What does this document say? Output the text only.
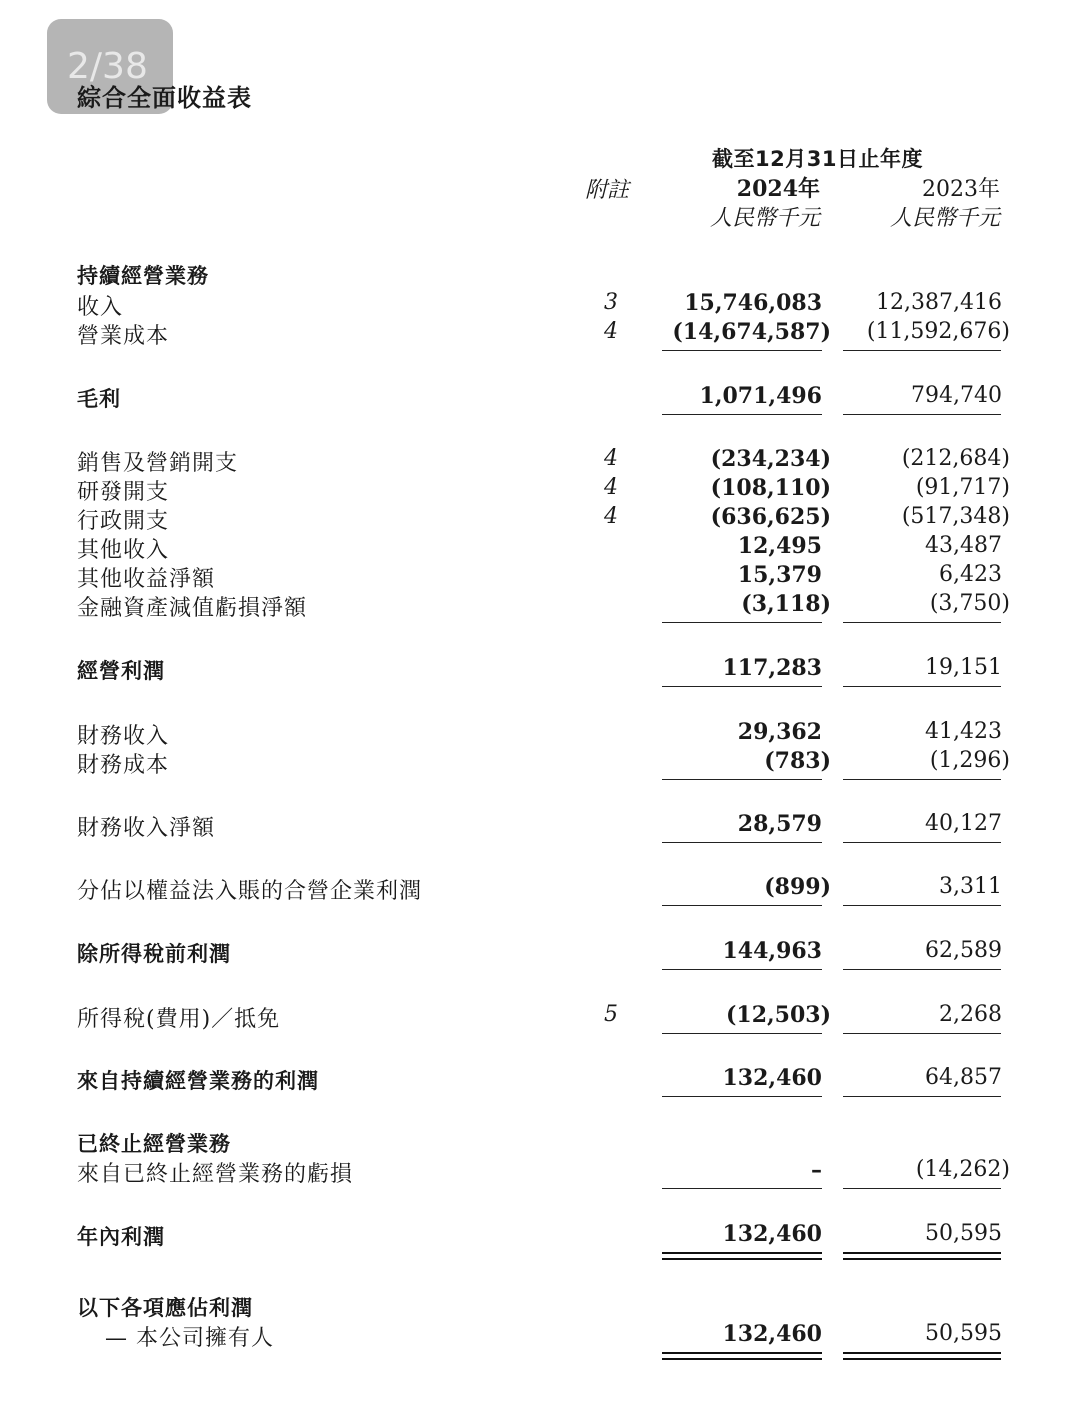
2/38
綜合全面收益表
截至12月31日止年度
附註	2024年	2023年
人民幣千元	人民幣千元
持續經營業務
收入	3	15,746,083 12,387,416
營業成本	4 (14,674,587) (11,592,676)
毛利	1,071,496	794,740
銷售及營銷開支	4	(234,234)	(212,684)
研發開支	4	(108,110)	(91,717)
行政開支	4	(636,625)	(517,348)
其他收入	12,495	43,487
其他收益淨額	15,379	6,423
金融資產減值虧損淨額	(3,118)	(3,750)
經營利潤	117,283	19,151
財務收入	29,362	41,423
財務成本	(783)	(1,296)
財務收入淨額	28,579	40,127
分佔以權益法入賬的合營企業利潤	(899)	3,311
除所得稅前利潤	144,963	62,589
所得稅(費用)／抵免	5	(12,503)	2,268
來自持續經營業務的利潤	132,460	64,857
已終止經營業務
來自已終止經營業務的虧損	–	(14,262)
年內利潤	132,460	50,595
以下各項應佔利潤
— 本公司擁有人	132,460	50,595
